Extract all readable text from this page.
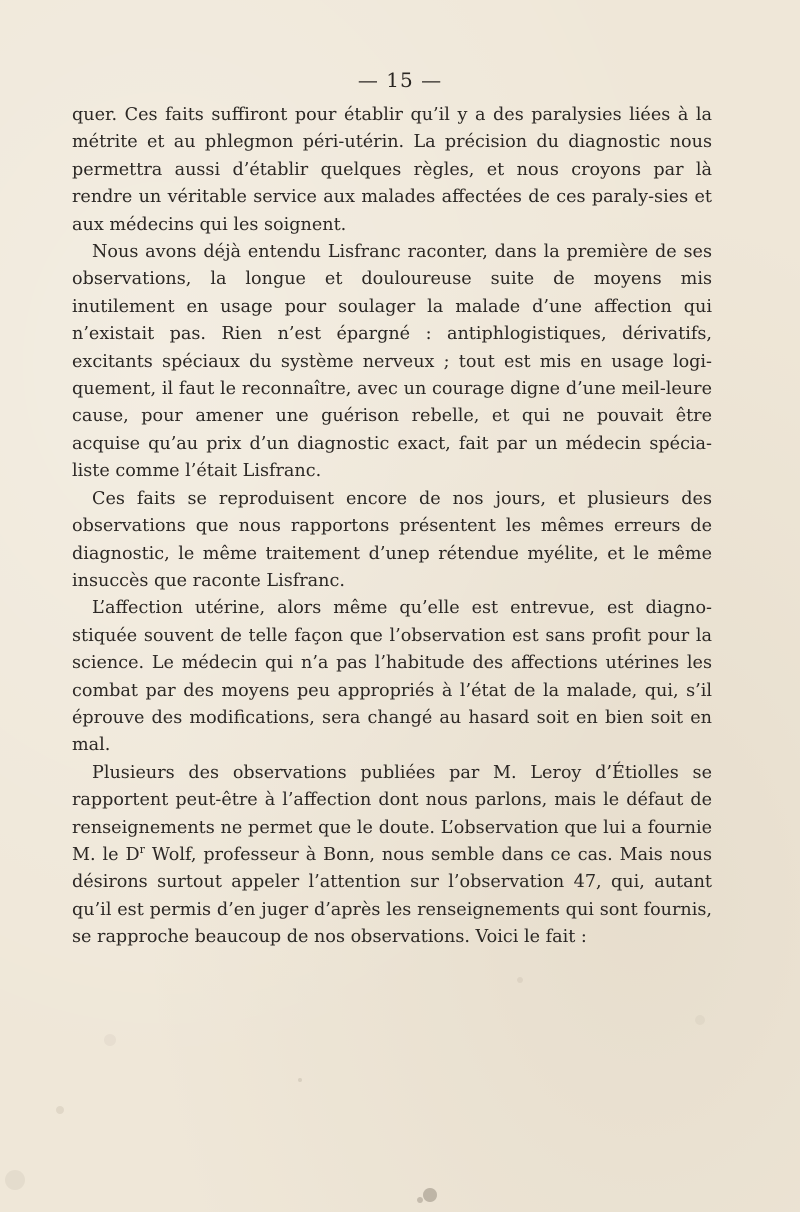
— 15 —

quer. Ces faits suffiront pour établir qu’il y a des paralysies liées à la métrite et au phlegmon péri-utérin. La précision du diagnostic nous permettra aussi d’établir quelques règles, et nous croyons par là rendre un véritable service aux malades affectées de ces paraly-sies et aux médecins qui les soignent.

Nous avons déjà entendu Lisfranc raconter, dans la première de ses observations, la longue et douloureuse suite de moyens mis inutilement en usage pour soulager la malade d’une affection qui n’existait pas. Rien n’est épargné : antiphlogistiques, dérivatifs, excitants spéciaux du système nerveux ; tout est mis en usage logi-quement, il faut le reconnaître, avec un courage digne d’une meil-leure cause, pour amener une guérison rebelle, et qui ne pouvait être acquise qu’au prix d’un diagnostic exact, fait par un médecin spécia-liste comme l’était Lisfranc.

Ces faits se reproduisent encore de nos jours, et plusieurs des observations que nous rapportons présentent les mêmes erreurs de diagnostic, le même traitement d’unep rétendue myélite, et le même insuccès que raconte Lisfranc.

L’affection utérine, alors même qu’elle est entrevue, est diagno-stiquée souvent de telle façon que l’observation est sans profit pour la science. Le médecin qui n’a pas l’habitude des affections utérines les combat par des moyens peu appropriés à l’état de la malade, qui, s’il éprouve des modifications, sera changé au hasard soit en bien soit en mal.

Plusieurs des observations publiées par M. Leroy d’Étiolles se rapportent peut-être à l’affection dont nous parlons, mais le défaut de renseignements ne permet que le doute. L’observation que lui a fournie M. le $D^r$ Wolf, professeur à Bonn, nous semble dans ce cas. Mais nous désirons surtout appeler l’attention sur l’observation 47, qui, autant qu’il est permis d’en juger d’après les renseignements qui sont fournis, se rapproche beaucoup de nos observations. Voici le fait :
